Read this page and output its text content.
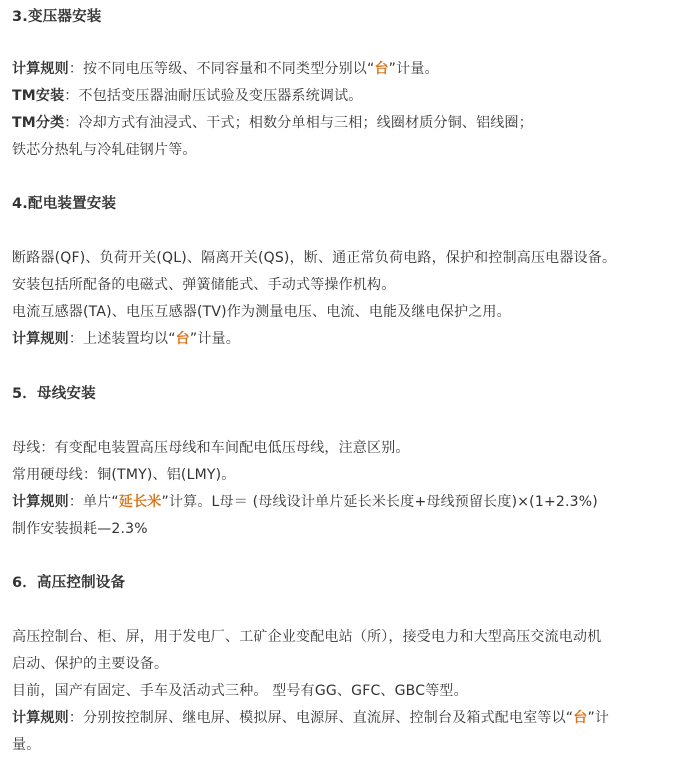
3.变压器安装
计算规则：按不同电压等级、不同容量和不同类型分别以“台”计量。
TM安装：不包括变压器油耐压试验及变压器系统调试。
TM分类：冷却方式有油浸式、干式；相数分单相与三相；线圈材质分铜、铝线圈；
铁芯分热轧与冷轧硅钢片等。
4.配电装置安装
断路器(QF)、负荷开关(QL)、隔离开关(QS)，断、通正常负荷电路，保护和控制高压电器设备。
安装包括所配备的电磁式、弹簧储能式、手动式等操作机构。
电流互感器(TA)、电压互感器(TV)作为测量电压、电流、电能及继电保护之用。
计算规则：上述装置均以“台”计量。
5．母线安装
母线：有变配电装置高压母线和车间配电低压母线，注意区别。
常用硬母线：铜(TMY)、铝(LMY)。
计算规则：单片“延长米”计算。L母＝ (母线设计单片延长米长度+母线预留长度)×(1+2.3%)
制作安装损耗—2.3%
6．高压控制设备
高压控制台、柜、屏，用于发电厂、工矿企业变配电站（所），接受电力和大型高压交流电动机
启动、保护的主要设备。
目前，国产有固定、手车及活动式三种。 型号有GG、GFC、GBC等型。
计算规则：分别按控制屏、继电屏、模拟屏、电源屏、直流屏、控制台及箱式配电室等以“台”计
量。
